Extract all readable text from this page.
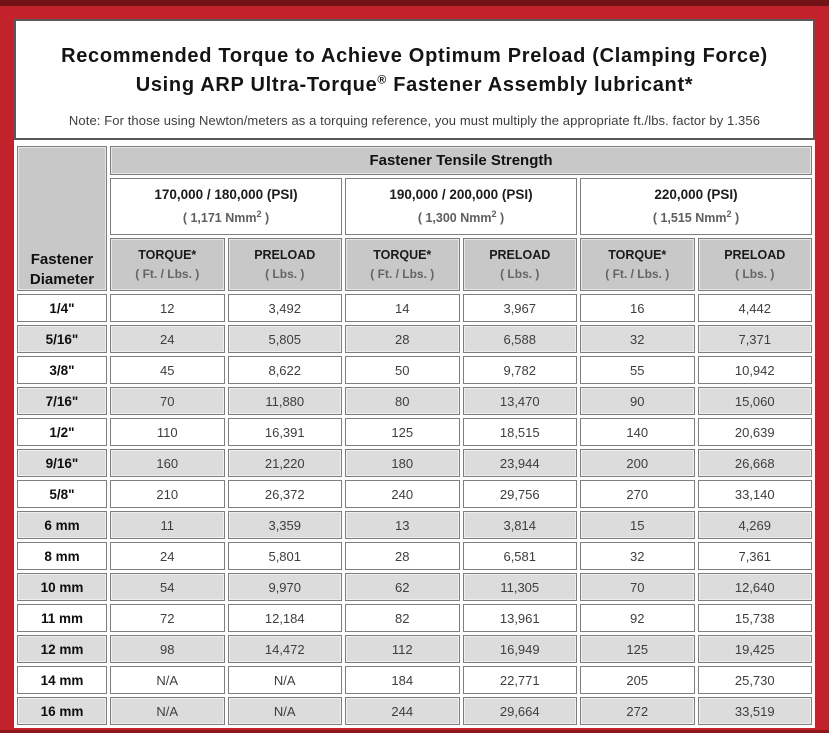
Recommended Torque to Achieve Optimum Preload (Clamping Force)

Using ARP Ultra-Torque® Fastener Assembly lubricant*

Note: For those using Newton/meters as a torquing reference, you must multiply the appropriate ft./lbs. factor by 1.356
Fastener
Diameter	Fastener Tensile Strength					

170,000 / 180,000 (PSI)
( 1,171 Nmm$^2$ )

190,000 / 200,000 (PSI)
( 1,300 Nmm$^2$ )

220,000 (PSI)
( 1,515 Nmm$^2$ )

TORQUE*
( Ft. / Lbs. )

PRELOAD
( Lbs. )

TORQUE*
( Ft. / Lbs. )

PRELOAD
( Lbs. )

TORQUE*
( Ft. / Lbs. )

PRELOAD
( Lbs. )

1/4"	12	3,492	14	3,967	16	4,442
5/16"	24	5,805	28	6,588	32	7,371
3/8"	45	8,622	50	9,782	55	10,942
7/16"	70	11,880	80	13,470	90	15,060
1/2"	110	16,391	125	18,515	140	20,639
9/16"	160	21,220	180	23,944	200	26,668
5/8"	210	26,372	240	29,756	270	33,140
6 mm	11	3,359	13	3,814	15	4,269
8 mm	24	5,801	28	6,581	32	7,361
10 mm	54	9,970	62	11,305	70	12,640
11 mm	72	12,184	82	13,961	92	15,738
12 mm	98	14,472	112	16,949	125	19,425
14 mm	N/A	N/A	184	22,771	205	25,730
16 mm	N/A	N/A	244	29,664	272	33,519
